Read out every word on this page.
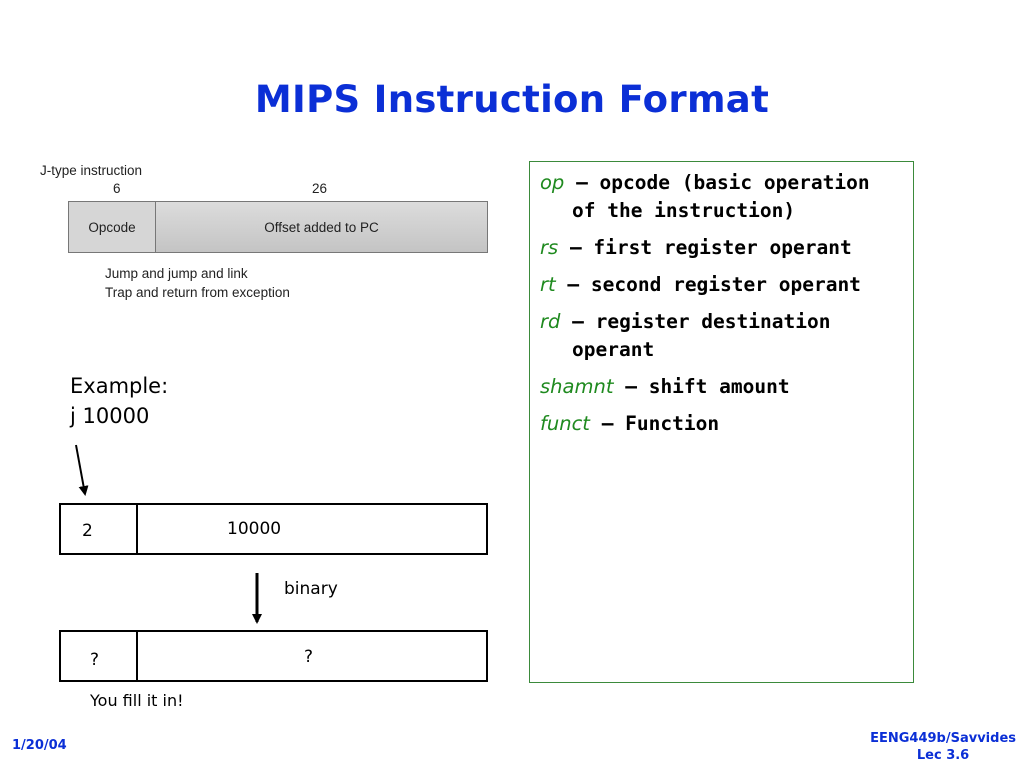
MIPS Instruction Format
J-type instruction
6	26
Opcode	Offset added to PC
Jump and jump and link
Trap and return from exception
Example:
j 10000
2	10000
binary
?	?
You fill it in!
op – opcode (basic operation of the instruction)
rs – first register operant
rt – second register operant
rd – register destination operant
shamnt – shift amount
funct – Function
1/20/04	EENG449b/Savvides
Lec 3.6
